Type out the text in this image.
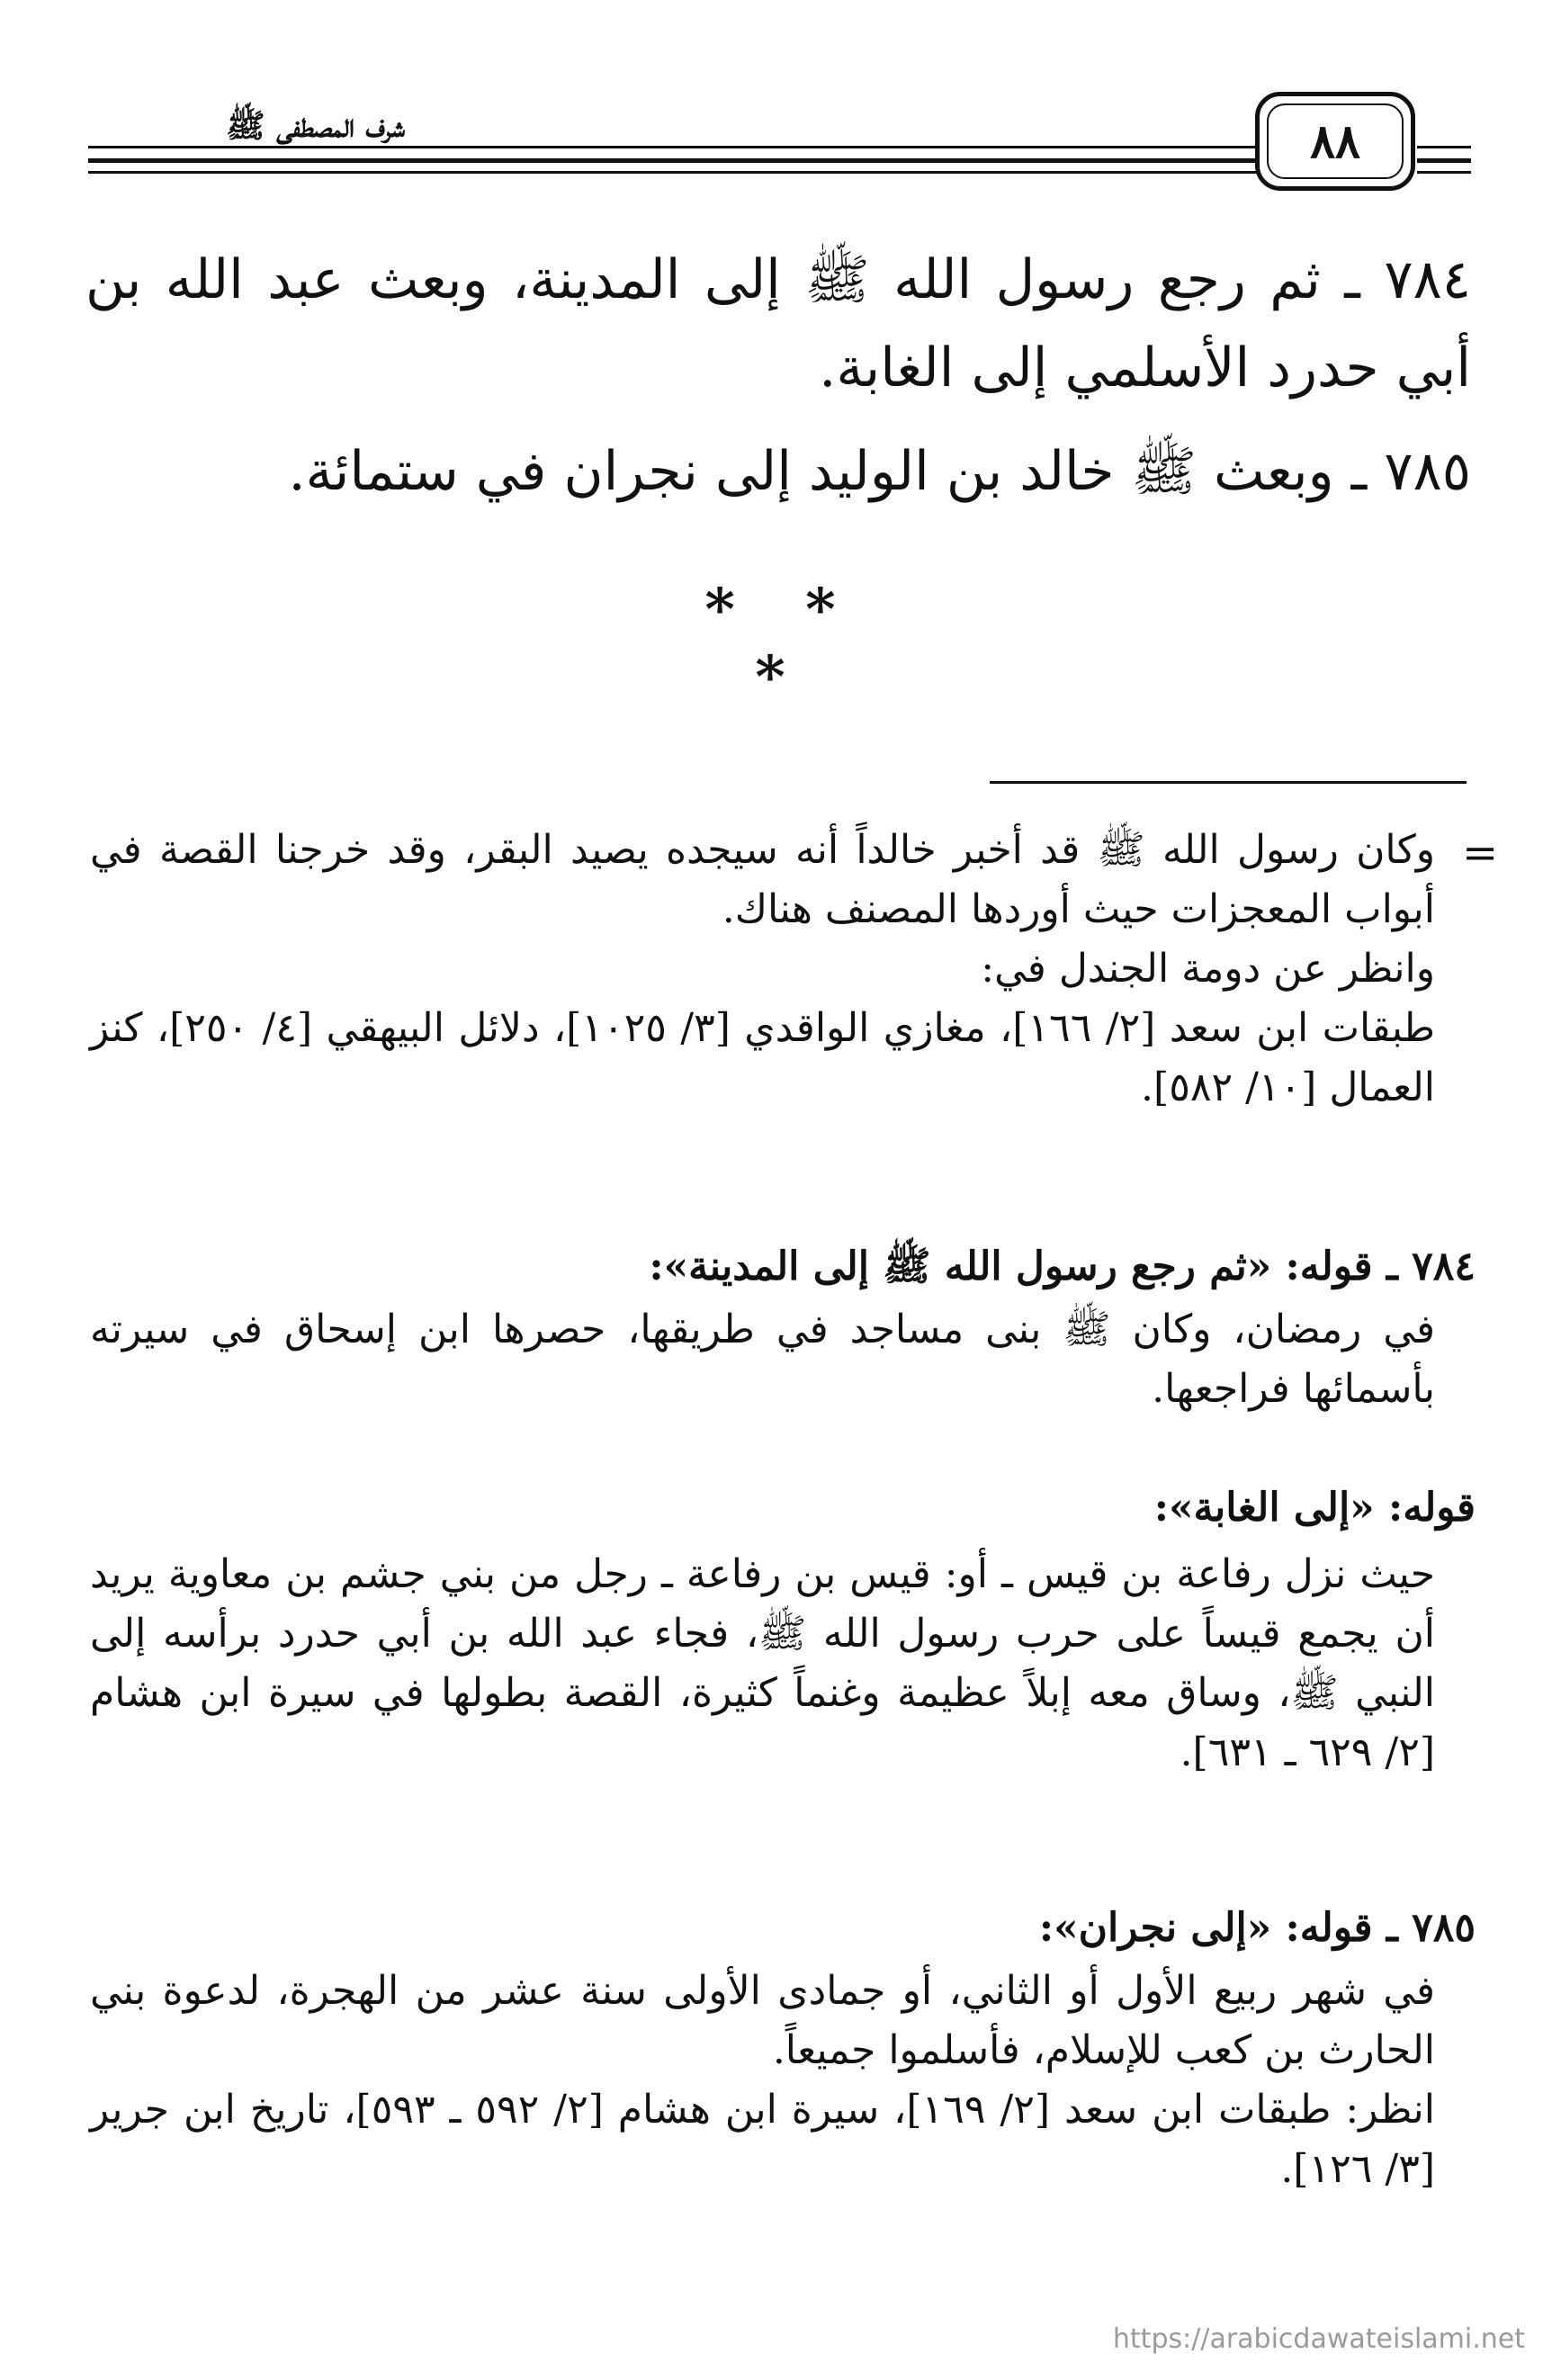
شرف المصطفى ﷺ	٨٨
٧٨٤ ـ ثم رجع رسول الله ﷺ إلى المدينة، وبعث عبد الله بن أبي حدرد الأسلمي إلى الغابة.
٧٨٥ ـ وبعث ﷺ خالد بن الوليد إلى نجران في ستمائة.
* * *
=
وكان رسول الله ﷺ قد أخبر خالداً أنه سيجده يصيد البقر، وقد خرجنا القصة في أبواب المعجزات حيث أوردها المصنف هناك.
وانظر عن دومة الجندل في:
طبقات ابن سعد [٢/ ١٦٦]، مغازي الواقدي [٣/ ١٠٢٥]، دلائل البيهقي [٤/ ٢٥٠]، كنز العمال [١٠/ ٥٨٢].
٧٨٤ ـ قوله: «ثم رجع رسول الله ﷺ إلى المدينة»:
في رمضان، وكان ﷺ بنى مساجد في طريقها، حصرها ابن إسحاق في سيرته بأسمائها فراجعها.
قوله: «إلى الغابة»:
حيث نزل رفاعة بن قيس ـ أو: قيس بن رفاعة ـ رجل من بني جشم بن معاوية يريد أن يجمع قيساً على حرب رسول الله ﷺ، فجاء عبد الله بن أبي حدرد برأسه إلى النبي ﷺ، وساق معه إبلاً عظيمة وغنماً كثيرة، القصة بطولها في سيرة ابن هشام [٢/ ٦٢٩ ـ ٦٣١].
٧٨٥ ـ قوله: «إلى نجران»:
في شهر ربيع الأول أو الثاني، أو جمادى الأولى سنة عشر من الهجرة، لدعوة بني الحارث بن كعب للإسلام، فأسلموا جميعاً.
انظر: طبقات ابن سعد [٢/ ١٦٩]، سيرة ابن هشام [٢/ ٥٩٢ ـ ٥٩٣]، تاريخ ابن جرير [٣/ ١٢٦].
https://arabicdawateislami.net
